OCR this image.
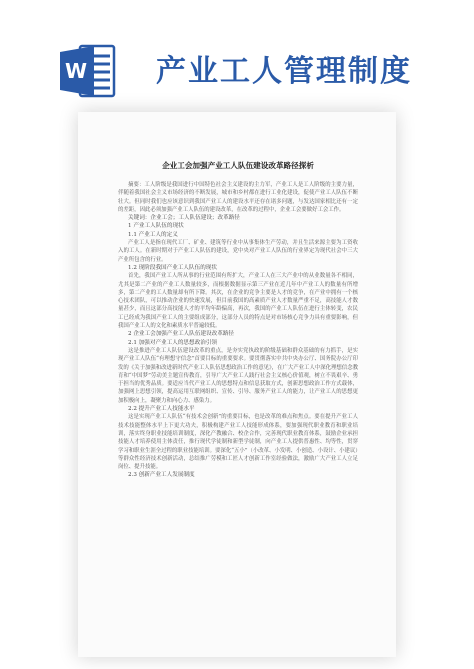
W 产业工人管理制度
企业工会加强产业工人队伍建设改革路径探析

摘要：工人阶级是我国进行中国特色社会主义建设的主力军，产业工人是工人阶级的主要力量，伴随着我国社会主义市场经济的不断发展，城市和乡村都在进行工业化建设，促使产业工人队伍不断壮大。但同时我们也应该意识到我国产业工人的建设水平还存在诸多问题，与发达国家相比还有一定的差距，因此必须加强产业工人队伍的建设改革，在改革的过程中，企业工会要做好工会工作。

关键词：企业工会；工人队伍建设；改革路径

1 产业工人队伍的现状

1.1 产业工人的定义

产业工人是指在现代工厂、矿业、建筑等行业中从事集体生产劳动，并且生活来源主要为工资收入的工人。在新时期对于产业工人队伍的建设，党中央对产业工人队伍的行业界定为现代社会中三大产业所包含的行业。

1.2 现阶段我国产业工人队伍的现状

首先，我国产业工人所从事的行业范围有所扩大，产业工人在三大产业中的从业数量各不相同，尤其是第二产业的产业工人数量较多，而根据数据显示第三产业在近几年中产业工人的数量有所增多，第二产业的工人数量却有所下降。其次，在企业的竞争主要是人才的竞争，在产业中拥有一个核心技术团队，可以推动企业的快速发展，但目前我国的高素质产业人才数量严重不足，高技能人才数量甚少，而且这部分高技能人才的平均年龄偏高，再次，我国的产业工人队伍在进行主体转变，农民工已经成为我国产业工人的主要组成部分，这部分人员的特点是对市场核心竞争力具有重要影响，但我国产业工人的文化和素质水平普遍较低。

2 企业工会加强产业工人队伍建设改革路径

2.1 加强对产业工人的思想政治引领

这是推进产业工人队伍建设改革的重点，是夯实党执政的阶级基础和群众基础的有力抓手，是实现产业工人队伍“有理想守信念”首要目标的重要要求。要贯彻落实中共中央办公厅、国务院办公厅印发的《关于加强和改进新时代产业工人队伍思想政治工作的意见》，在广大产业工人中深化理想信念教育和“中国梦”劳动美主题宣传教育，引导广大产业工人践行社会主义核心价值观，树立不畏艰辛、勇于担当的优秀品质。要适应当代产业工人的思想特点和信息获取方式，创新思想政治工作方式载体，加强网上思想引领，提高运用互联网组织、宣传、引导、服务产业工人的能力，让产业工人的思想更加积极向上，凝聚力和向心力、感染力。

2.2 提升产业工人技能水平

这是实现产业工人队伍“有技术会创新”的重要目标，也是改革的难点和焦点。要在提升产业工人技术技能整体水平上下更大功夫，积极构建产业工人技能形成体系，要加强现代职业教育和职业培训，落实终身职业技能培训制度，深化产教融合、校企合作，完善现代职业教育体系，鼓励企业承担技能人才培养使用主体责任，推行现代学徒制和新型学徒制，向产业工人提供普惠性、均等性，贯穿学习和职业生涯全过程的职业技能培训。要深化“五小”（小改革、小发明、小创造、小设计、小建议）等群众性经济技术创新活动，总结推广劳模和工匠人才创新工作室经验做法，激励广大产业工人立足岗位、提升技能。

2.3 创新产业工人发展制度
